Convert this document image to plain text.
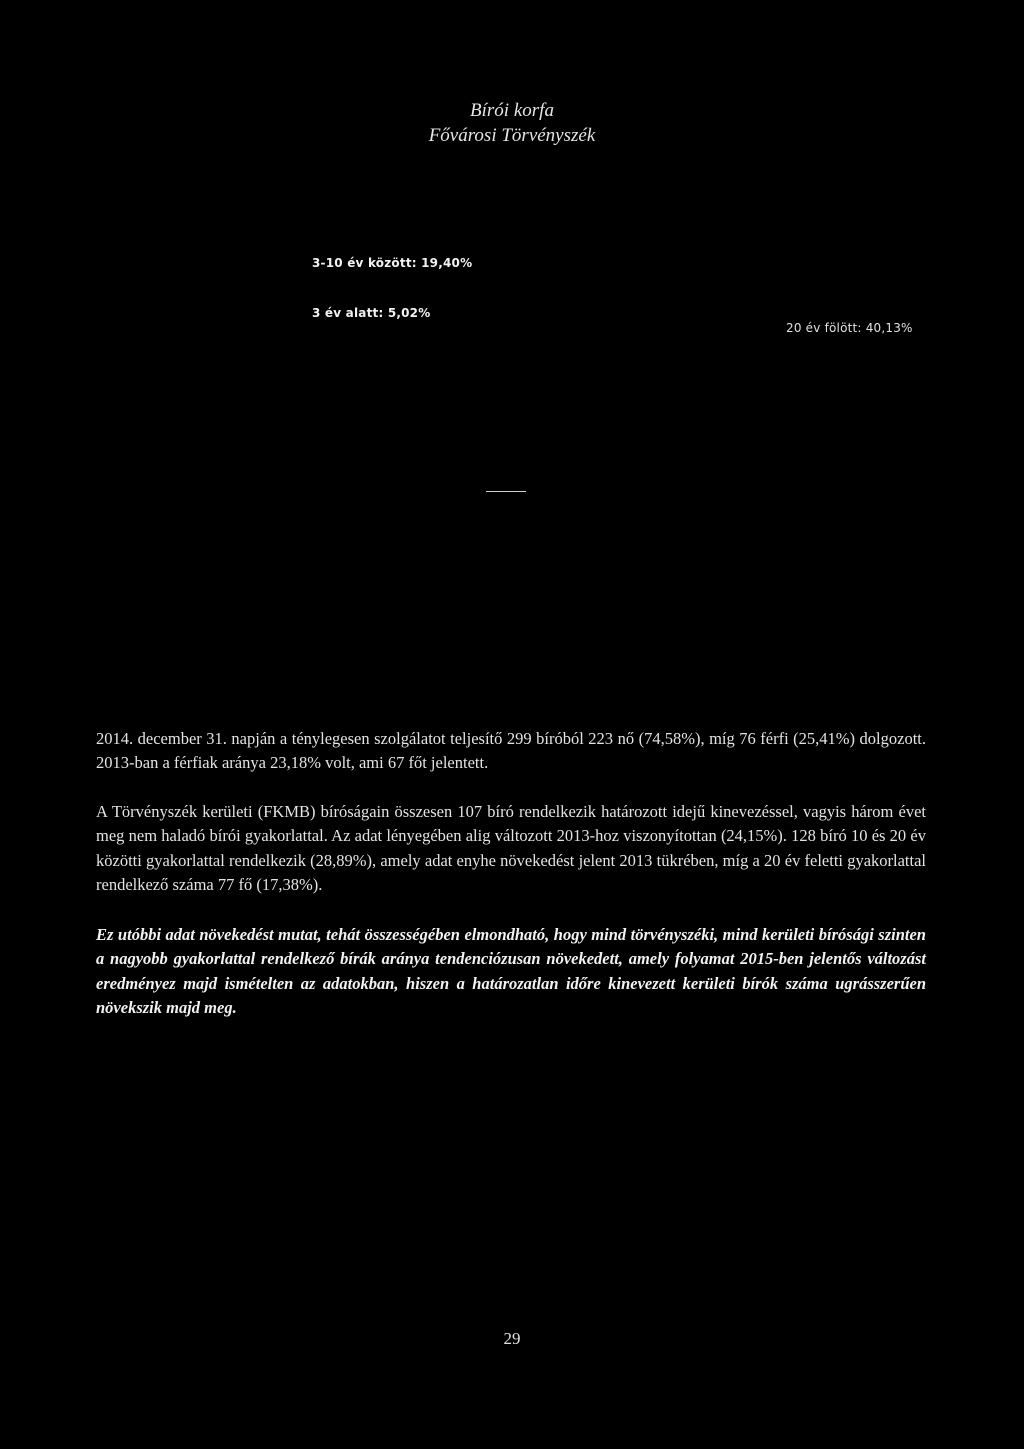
Bírói korfa
Fővárosi Törvényszék
3-10 év között: 19,40%
3 év alatt: 5,02%
20 év fölött: 40,13%

2014. december 31. napján a ténylegesen szolgálatot teljesítő 299 bíróból 223 nő (74,58%), míg 76 férfi (25,41%) dolgozott. 2013-ban a férfiak aránya 23,18% volt, ami 67 főt jelentett.

A Törvényszék kerületi (FKMB) bíróságain összesen 107 bíró rendelkezik határozott idejű kinevezéssel, vagyis három évet meg nem haladó bírói gyakorlattal. Az adat lényegében alig változott 2013-hoz viszonyítottan (24,15%). 128 bíró 10 és 20 év közötti gyakorlattal rendelkezik (28,89%), amely adat enyhe növekedést jelent 2013 tükrében, míg a 20 év feletti gyakorlattal rendelkező száma 77 fő (17,38%).

Ez utóbbi adat növekedést mutat, tehát összességében elmondható, hogy mind törvényszéki, mind kerületi bírósági szinten a nagyobb gyakorlattal rendelkező bírák aránya tendenciózusan növekedett, amely folyamat 2015-ben jelentős változást eredményez majd ismételten az adatokban, hiszen a határozatlan időre kinevezett kerületi bírók száma ugrásszerűen növekszik majd meg.

29
